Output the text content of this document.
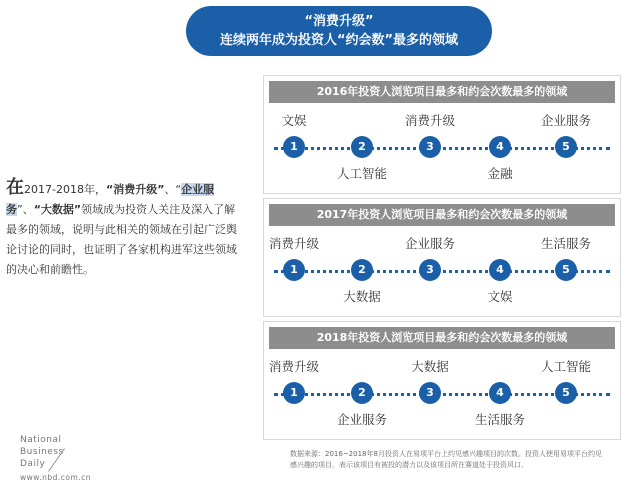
“消费升级”
连续两年成为投资人“约会数”最多的领域
在2017-2018年，“消费升级”、“企业服务”、“大数据”领域成为投资人关注及深入了解最多的领域，说明与此相关的领域在引起广泛舆论讨论的同时，也证明了各家机构进军这些领域的决心和前瞻性。
2016年投资人浏览项目最多和约会次数最多的领域
1
文娱
2
人工智能
3
消费升级
4
金融
5
企业服务
2017年投资人浏览项目最多和约会次数最多的领域
1
消费升级
2
大数据
3
企业服务
4
文娱
5
生活服务
2018年投资人浏览项目最多和约会次数最多的领域
1
消费升级
2
企业服务
3
大数据
4
生活服务
5
人工智能
National
Business
Daily
www.nbd.com.cn
数据来源：2016~2018年8月投资人在易项平台上约见感兴趣项目的次数。投资人使用易项平台约见感兴趣的项目，表示该项目有被投的潜力以及该项目所在赛道处于投资风口。
